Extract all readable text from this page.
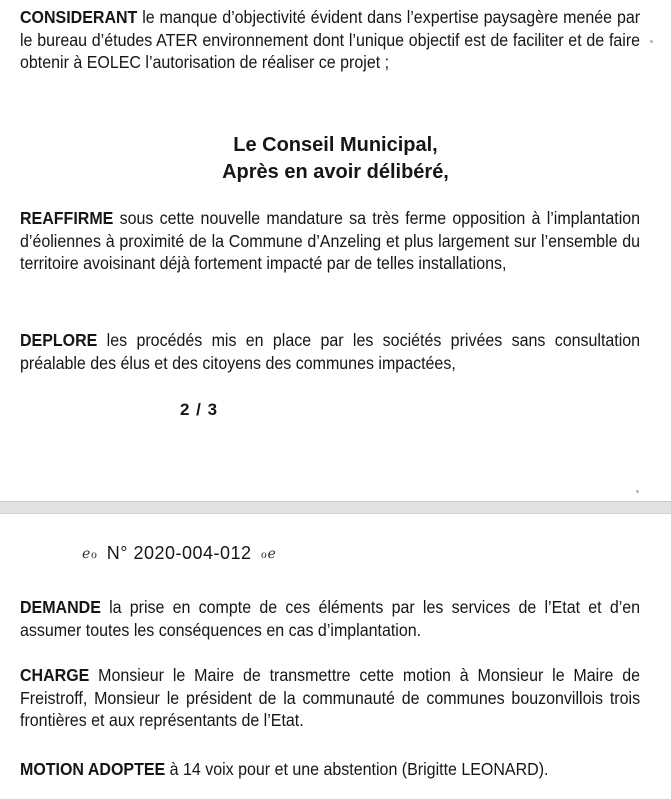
CONSIDERANT le manque d’objectivité évident dans l’expertise paysagère menée par le bureau d’études ATER environnement dont l’unique objectif est de faciliter et de faire obtenir à EOLEC l’autorisation de réaliser ce projet ;

Le Conseil Municipal,
Après en avoir délibéré,

REAFFIRME sous cette nouvelle mandature sa très ferme opposition à l’implantation d’éoliennes à proximité de la Commune d’Anzeling et plus largement sur l’ensemble du territoire avoisinant déjà fortement impacté par de telles installations,

DEPLORE les procédés mis en place par les sociétés privées sans consultation préalable des élus et des citoyens des communes impactées,

2 / 3
ℯℴ N° 2020-004-012 ℴℯ

DEMANDE la prise en compte de ces éléments par les services de l’Etat et d’en assumer toutes les conséquences en cas d’implantation.

CHARGE Monsieur le Maire de transmettre cette motion à Monsieur le Maire de Freistroff, Monsieur le président de la communauté de communes bouzonvillois trois frontières et aux représentants de l’Etat.

MOTION ADOPTEE à 14 voix pour et une abstention (Brigitte LEONARD).
